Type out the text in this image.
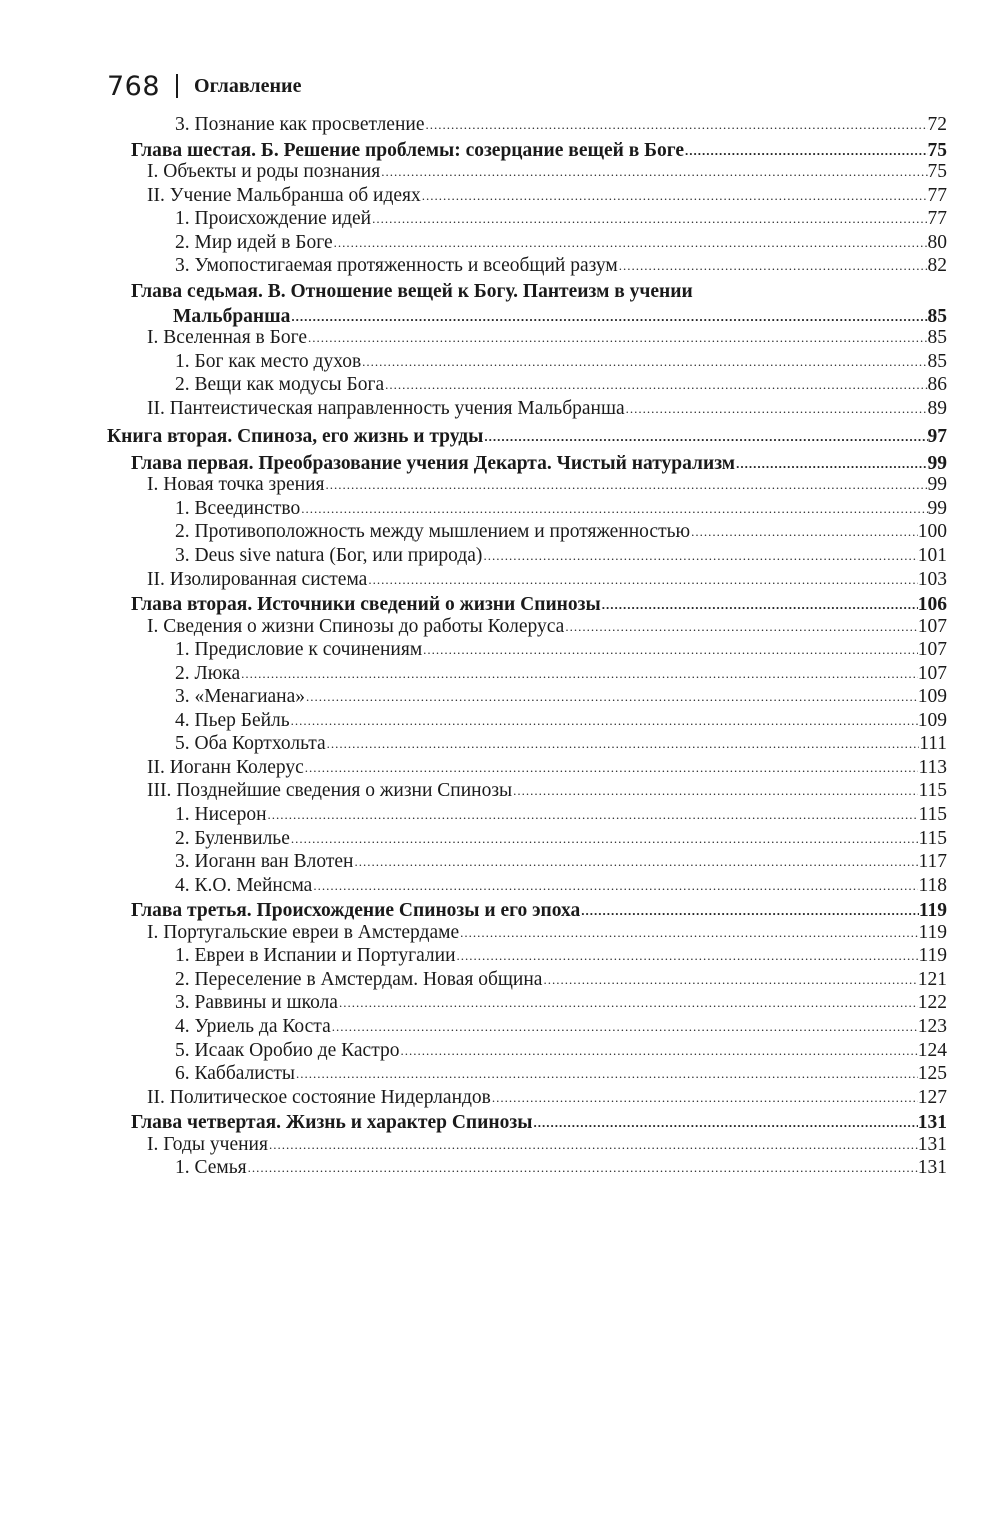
768 Оглавление
3. Познание как просветление .....	72
Глава шестая. Б. Решение проблемы: созерцание вещей в Боге .....	75
I. Объекты и роды познания .....	75
II. Учение Мальбранша об идеях .....	77
1. Происхождение идей .....	77
2. Мир идей в Боге .....	80
3. Умопостигаемая протяженность и всеобщий разум .....	82
Глава седьмая. В. Отношение вещей к Богу. Пантеизм в учении
Мальбранша .....	85
I. Вселенная в Боге .....	85
1. Бог как место духов .....	85
2. Вещи как модусы Бога .....	86
II. Пантеистическая направленность учения Мальбранша .....	89
Книга вторая. Спиноза, его жизнь и труды .....	97
Глава первая. Преобразование учения Декарта. Чистый натурализм .....	99
I. Новая точка зрения .....	99
1. Всеединство .....	99
2. Противоположность между мышлением и протяженностью .....	100
3. Deus sive natura (Бог, или природа) .....	101
II. Изолированная система .....	103
Глава вторая. Источники сведений о жизни Спинозы .....	106
I. Сведения о жизни Спинозы до работы Колеруса .....	107
1. Предисловие к сочинениям .....	107
2. Люка .....	107
3. «Менагиана» .....	109
4. Пьер Бейль .....	109
5. Оба Кортхольта .....	111
II. Иоганн Колерус .....	113
III. Позднейшие сведения о жизни Спинозы .....	115
1. Нисерон .....	115
2. Буленвилье .....	115
3. Иоганн ван Влотен .....	117
4. К.О. Мейнсма .....	118
Глава третья. Происхождение Спинозы и его эпоха .....	119
I. Португальские евреи в Амстердаме .....	119
1. Евреи в Испании и Португалии .....	119
2. Переселение в Амстердам. Новая община .....	121
3. Раввины и школа .....	122
4. Уриель да Коста .....	123
5. Исаак Оробио де Кастро .....	124
6. Каббалисты .....	125
II. Политическое состояние Нидерландов .....	127
Глава четвертая. Жизнь и характер Спинозы .....	131
I. Годы учения .....	131
1. Семья .....	131
